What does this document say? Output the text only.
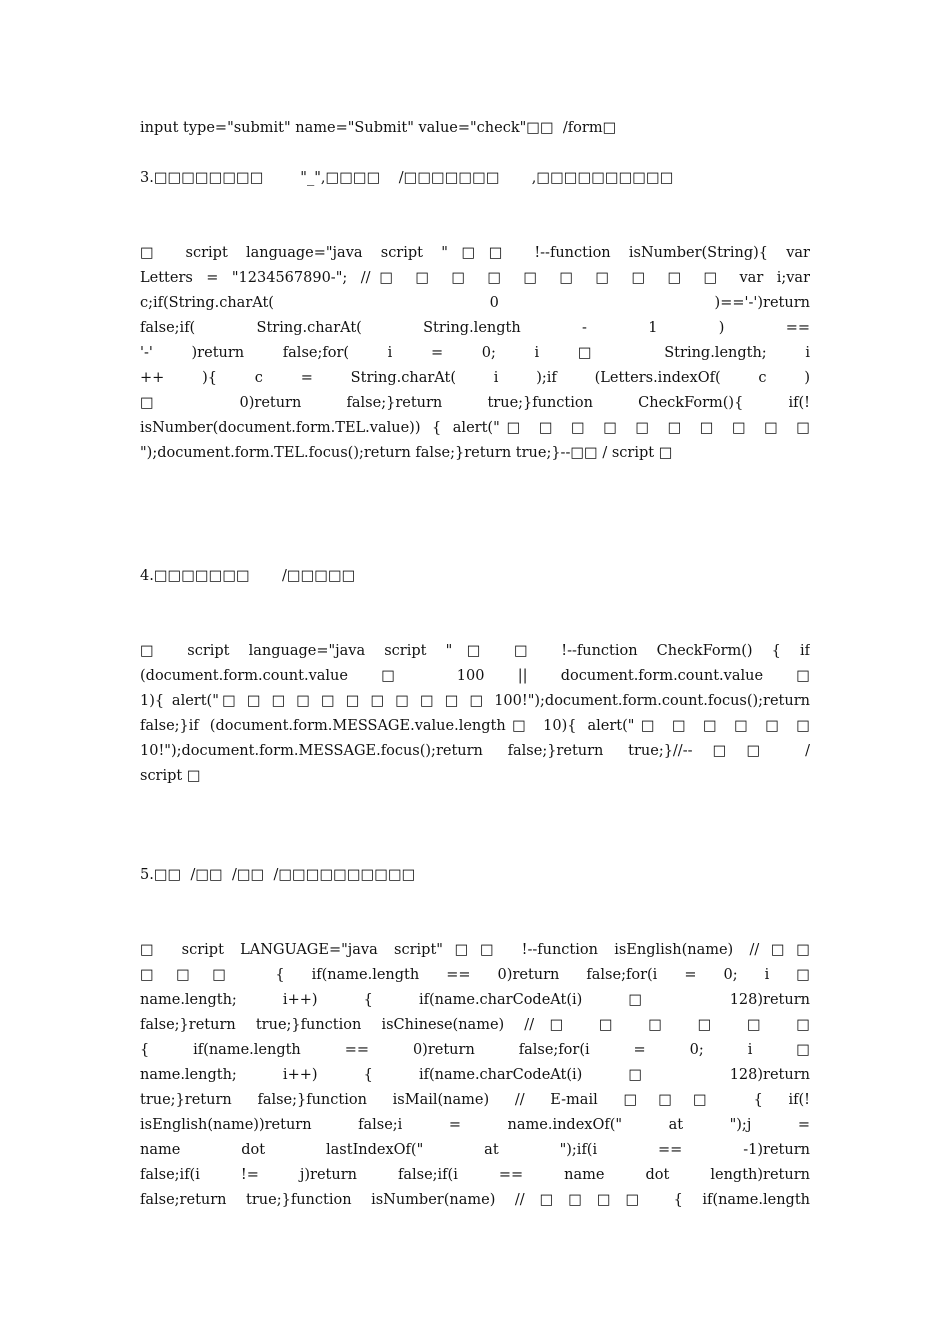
input type="submit" name="Submit" value="check"□□  /form□
3.□□□□□□□□        "_",□□□□    /□□□□□□□       ,□□□□□□□□□□
□ script language="java script "□□ !--function isNumber(String){ var
Letters = "1234567890-"; //□ □ □ □ □ □ □ □ □ □ var i;var
c;if(String.charAt( 0 )=='-')return
false;if( String.charAt( String.length - 1 ) ==
'-' )return false;for( i = 0; i □ String.length; i
++ ){ c = String.charAt( i );if (Letters.indexOf( c )
□ 0)return false;}return true;}function CheckForm(){ if(!
isNumber(document.form.TEL.value)) { alert("□ □ □ □ □ □ □ □ □ □
");document.form.TEL.focus();return false;}return true;}--□□ / script □
4.□□□□□□□       /□□□□□
□ script language="java script "□ □ !--function CheckForm() { if
(document.form.count.value □ 100 || document.form.count.value □
1){ alert("□ □ □ □ □ □ □ □ □ □ □ 100!");document.form.count.focus();return
false;}if (document.form.MESSAGE.value.length□ 10){ alert("□ □ □ □ □ □
10!");document.form.MESSAGE.focus();return false;}return true;}//--□□ /
script □
5.□□  /□□  /□□  /□□□□□□□□□□
□ script LANGUAGE="java script"□□ !--function isEnglish(name) //□□
□□□ { if(name.length == 0)return false;for(i = 0; i □
name.length; i++) { if(name.charCodeAt(i) □ 128)return
false;}return true;}function isChinese(name) //□ □ □ □ □ □
{ if(name.length == 0)return false;for(i = 0; i □
name.length; i++) { if(name.charCodeAt(i) □ 128)return
true;}return false;}function isMail(name) // E-mail □□□ { if(!
isEnglish(name))return false;i = name.indexOf(" at ");j =
name dot lastIndexOf(" at ");if(i == -1)return
false;if(i != j)return false;if(i == name dot length)return
false;return true;}function isNumber(name) //□□□□ { if(name.length
